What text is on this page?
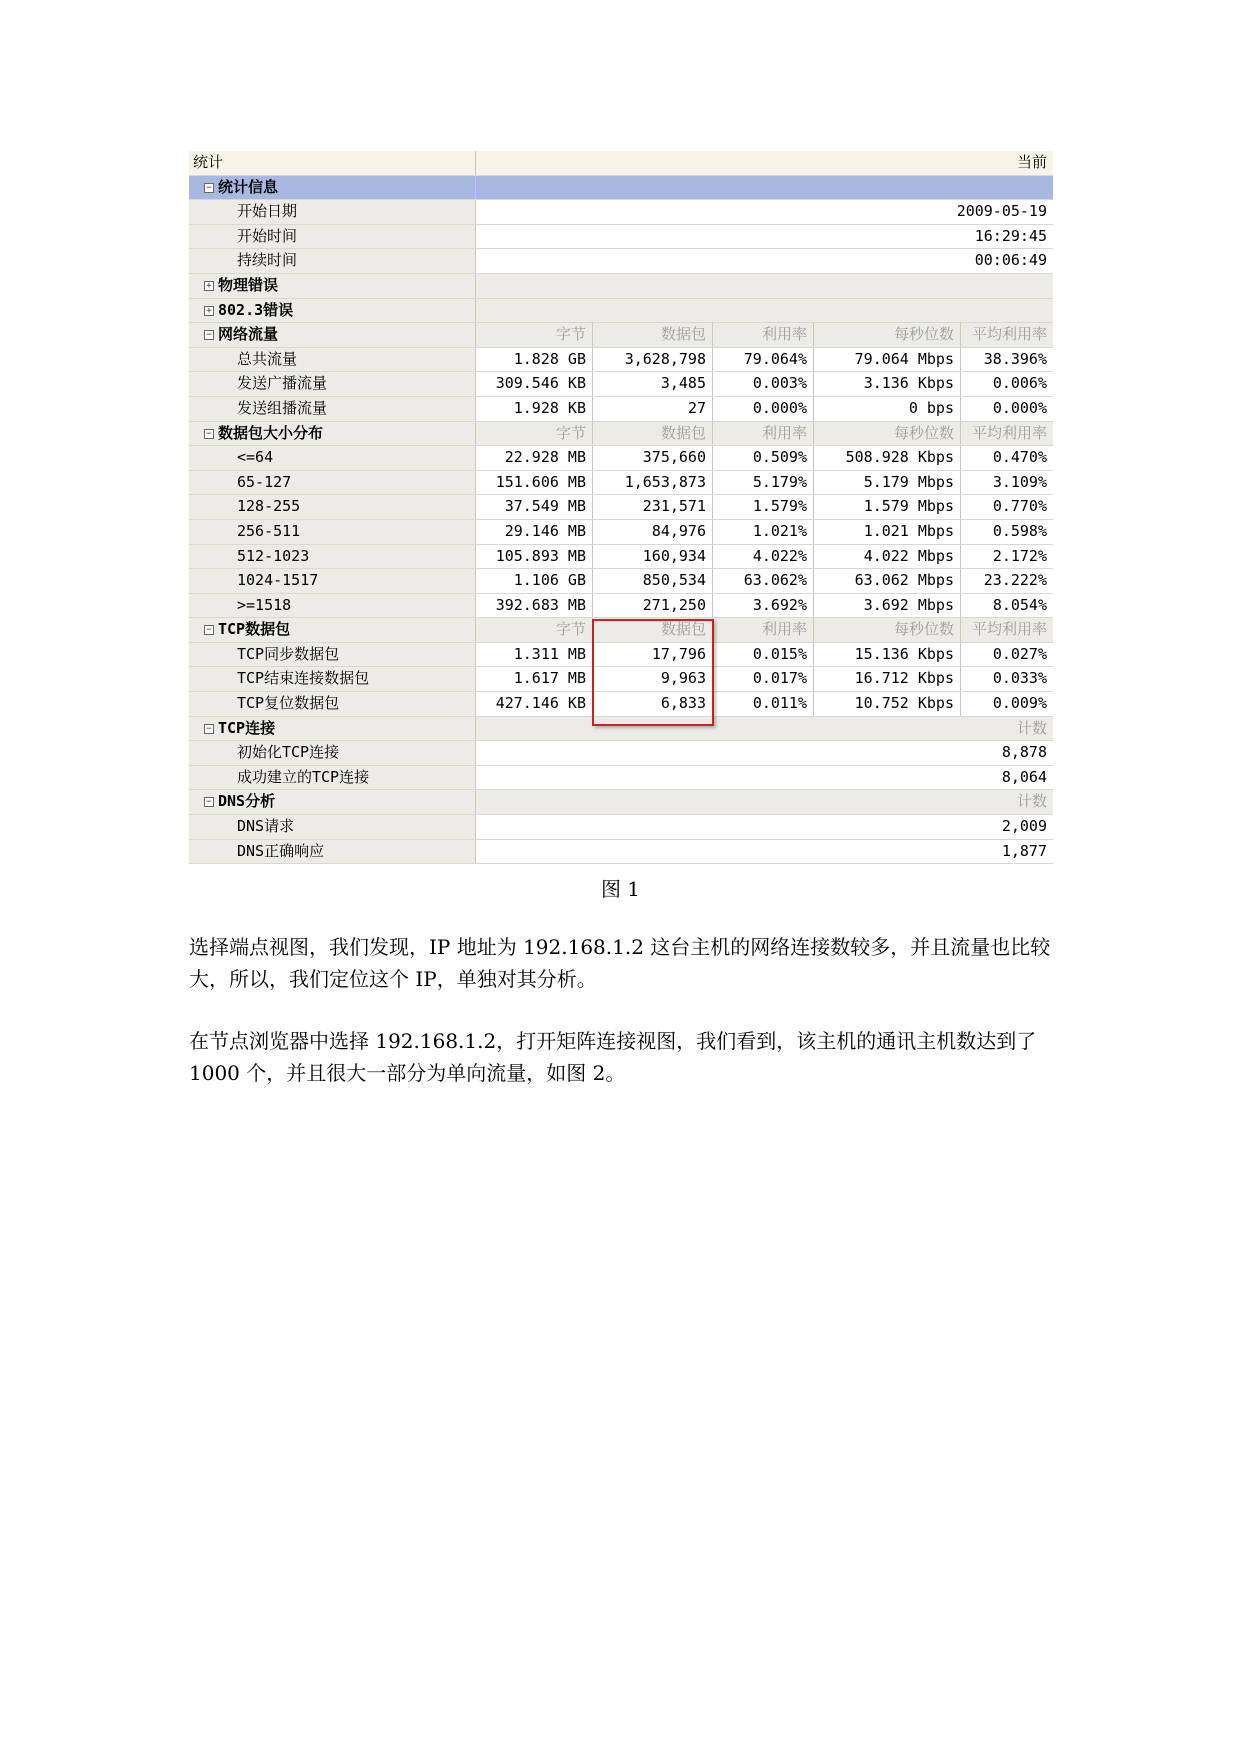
统计	当前
− 统计信息
开始日期	2009-05-19
开始时间	16:29:45
持续时间	00:06:49
+ 物理错误
+ 802.3错误
− 网络流量	字节	数据包	利用率	每秒位数	平均利用率
总共流量	1.828 GB	3,628,798	79.064%	79.064 Mbps	38.396%
发送广播流量	309.546 KB	3,485	0.003%	3.136 Kbps	0.006%
发送组播流量	1.928 KB	27	0.000%	0 bps	0.000%
− 数据包大小分布	字节	数据包	利用率	每秒位数	平均利用率
<=64	22.928 MB	375,660	0.509%	508.928 Kbps	0.470%
65-127	151.606 MB	1,653,873	5.179%	5.179 Mbps	3.109%
128-255	37.549 MB	231,571	1.579%	1.579 Mbps	0.770%
256-511	29.146 MB	84,976	1.021%	1.021 Mbps	0.598%
512-1023	105.893 MB	160,934	4.022%	4.022 Mbps	2.172%
1024-1517	1.106 GB	850,534	63.062%	63.062 Mbps	23.222%
>=1518	392.683 MB	271,250	3.692%	3.692 Mbps	8.054%
− TCP数据包	字节	数据包	利用率	每秒位数	平均利用率
TCP同步数据包	1.311 MB	17,796	0.015%	15.136 Kbps	0.027%
TCP结束连接数据包	1.617 MB	9,963	0.017%	16.712 Kbps	0.033%
TCP复位数据包	427.146 KB	6,833	0.011%	10.752 Kbps	0.009%
− TCP连接	计数
初始化TCP连接	8,878
成功建立的TCP连接	8,064
− DNS分析	计数
DNS请求	2,009
DNS正确响应	1,877
图 1

选择端点视图，我们发现，IP 地址为 192.168.1.2 这台主机的网络连接数较多，并且流量也比较大，所以，我们定位这个 IP，单独对其分析。

在节点浏览器中选择 192.168.1.2，打开矩阵连接视图，我们看到，该主机的通讯主机数达到了 1000 个，并且很大一部分为单向流量，如图 2。
